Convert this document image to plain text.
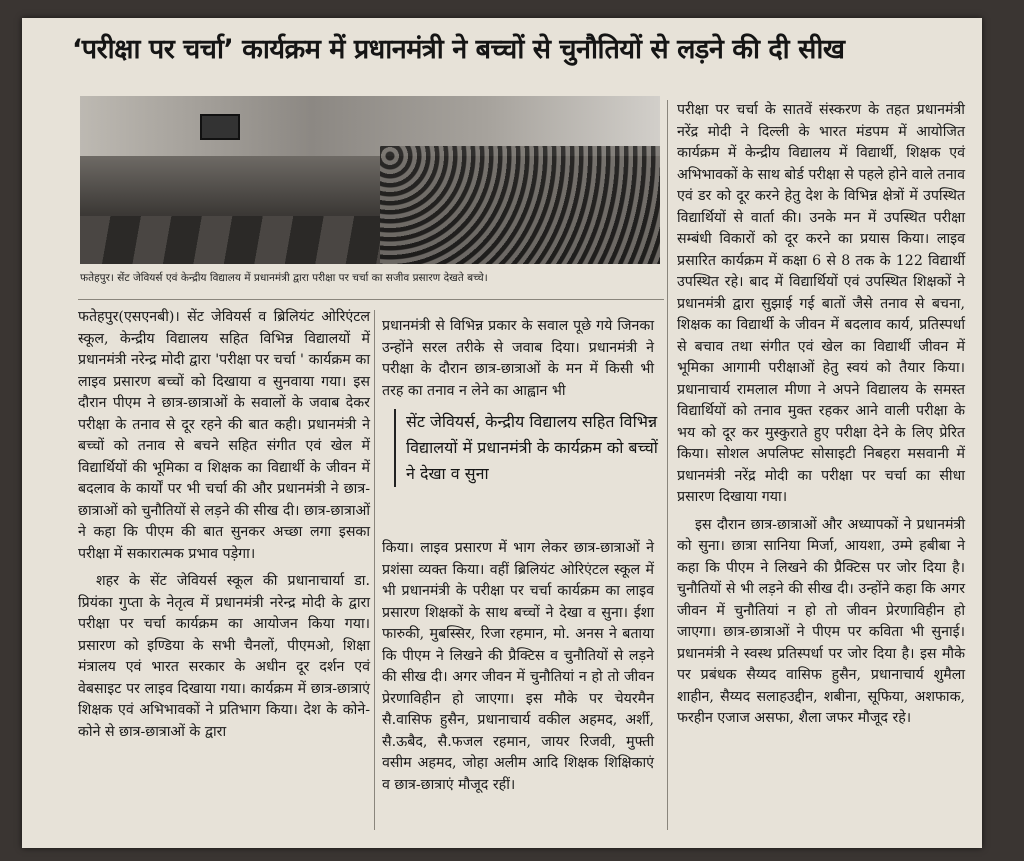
‘परीक्षा पर चर्चा’ कार्यक्रम में प्रधानमंत्री ने बच्चों से चुनौतियों से लड़ने की दी सीख
फतेहपुर। सेंट जेवियर्स एवं केन्द्रीय विद्यालय में प्रधानमंत्री द्वारा परीक्षा पर चर्चा का सजीव प्रसारण देखते बच्चे।

फतेहपुर(एसएनबी)। सेंट जेवियर्स व ब्रिलियंट ओरिएंटल स्कूल, केन्द्रीय विद्यालय सहित विभिन्न विद्यालयों में प्रधानमंत्री नरेन्द्र मोदी द्वारा 'परीक्षा पर चर्चा ' कार्यक्रम का लाइव प्रसारण बच्चों को दिखाया व सुनवाया गया। इस दौरान पीएम ने छात्र-छात्राओं के सवालों के जवाब देकर परीक्षा के तनाव से दूर रहने की बात कही। प्रधानमंत्री ने बच्चों को तनाव से बचने सहित संगीत एवं खेल में विद्यार्थियों की भूमिका व शिक्षक का विद्यार्थी के जीवन में बदलाव के कार्यों पर भी चर्चा की और प्रधानमंत्री ने छात्र-छात्राओं को चुनौतियों से लड़ने की सीख दी। छात्र-छात्राओं ने कहा कि पीएम की बात सुनकर अच्छा लगा इसका परीक्षा में सकारात्मक प्रभाव पड़ेगा।

शहर के सेंट जेवियर्स स्कूल की प्रधानाचार्या डा. प्रियंका गुप्ता के नेतृत्व में प्रधानमंत्री नरेन्द्र मोदी के द्वारा परीक्षा पर चर्चा कार्यक्रम का आयोजन किया गया। प्रसारण को इण्डिया के सभी चैनलों, पीएमओ, शिक्षा मंत्रालय एवं भारत सरकार के अधीन दूर दर्शन एवं वेबसाइट पर लाइव दिखाया गया। कार्यक्रम में छात्र-छात्राएं शिक्षक एवं अभिभावकों ने प्रतिभाग किया। देश के कोने-कोने से छात्र-छात्राओं के द्वारा

प्रधानमंत्री से विभिन्न प्रकार के सवाल पूछे गये जिनका उन्होंने सरल तरीके से जवाब दिया। प्रधानमंत्री ने परीक्षा के दौरान छात्र-छात्राओं के मन में किसी भी तरह का तनाव न लेने का आह्वान भी

सेंट जेवियर्स, केन्द्रीय विद्यालय सहित विभिन्न विद्यालयों में प्रधानमंत्री के कार्यक्रम को बच्चों ने देखा व सुना

किया। लाइव प्रसारण में भाग लेकर छात्र-छात्राओं ने प्रशंसा व्यक्त किया। वहीं ब्रिलियंट ओरिएंटल स्कूल में भी प्रधानमंत्री के परीक्षा पर चर्चा कार्यक्रम का लाइव प्रसारण शिक्षकों के साथ बच्चों ने देखा व सुना। ईशा फारुकी, मुबस्सिर, रिजा रहमान, मो. अनस ने बताया कि पीएम ने लिखने की प्रैक्टिस व चुनौतियों से लड़ने की सीख दी। अगर जीवन में चुनौतियां न हो तो जीवन प्रेरणाविहीन हो जाएगा। इस मौके पर चेयरमैन सै.वासिफ हुसैन, प्रधानाचार्य वकील अहमद, अर्शी, सै.ऊबैद, सै.फजल रहमान, जायर रिजवी, मुफ्ती वसीम अहमद, जोहा अलीम आदि शिक्षक शिक्षिकाएं व छात्र-छात्राएं मौजूद रहीं।

परीक्षा पर चर्चा के सातवें संस्करण के तहत प्रधानमंत्री नरेंद्र मोदी ने दिल्ली के भारत मंडपम में आयोजित कार्यक्रम में केन्द्रीय विद्यालय में विद्यार्थी, शिक्षक एवं अभिभावकों के साथ बोर्ड परीक्षा से पहले होने वाले तनाव एवं डर को दूर करने हेतु देश के विभिन्न क्षेत्रों में उपस्थित विद्यार्थियों से वार्ता की। उनके मन में उपस्थित परीक्षा सम्बंधी विकारों को दूर करने का प्रयास किया। लाइव प्रसारित कार्यक्रम में कक्षा 6 से 8 तक के 122 विद्यार्थी उपस्थित रहे। बाद में विद्यार्थियों एवं उपस्थित शिक्षकों ने प्रधानमंत्री द्वारा सुझाई गई बातों जैसे तनाव से बचना, शिक्षक का विद्यार्थी के जीवन में बदलाव कार्य, प्रतिस्पर्धा से बचाव तथा संगीत एवं खेल का विद्यार्थी जीवन में भूमिका आगामी परीक्षाओं हेतु स्वयं को तैयार किया। प्रधानाचार्य रामलाल मीणा ने अपने विद्यालय के समस्त विद्यार्थियों को तनाव मुक्त रहकर आने वाली परीक्षा के भय को दूर कर मुस्कुराते हुए परीक्षा देने के लिए प्रेरित किया। सोशल अपलिफ्ट सोसाइटी निबहरा मसवानी में प्रधानमंत्री नरेंद्र मोदी का परीक्षा पर चर्चा का सीधा प्रसारण दिखाया गया।

इस दौरान छात्र-छात्राओं और अध्यापकों ने प्रधानमंत्री को सुना। छात्रा सानिया मिर्जा, आयशा, उम्मे हबीबा ने कहा कि पीएम ने लिखने की प्रैक्टिस पर जोर दिया है। चुनौतियों से भी लड़ने की सीख दी। उन्होंने कहा कि अगर जीवन में चुनौतियां न हो तो जीवन प्रेरणाविहीन हो जाएगा। छात्र-छात्राओं ने पीएम पर कविता भी सुनाई। प्रधानमंत्री ने स्वस्थ प्रतिस्पर्धा पर जोर दिया है। इस मौके पर प्रबंधक सैय्यद वासिफ हुसैन, प्रधानाचार्य शुमैला शाहीन, सैय्यद सलाहउद्दीन, शबीना, सूफिया, अशफाक, फरहीन एजाज असफा, शैला जफर मौजूद रहे।
